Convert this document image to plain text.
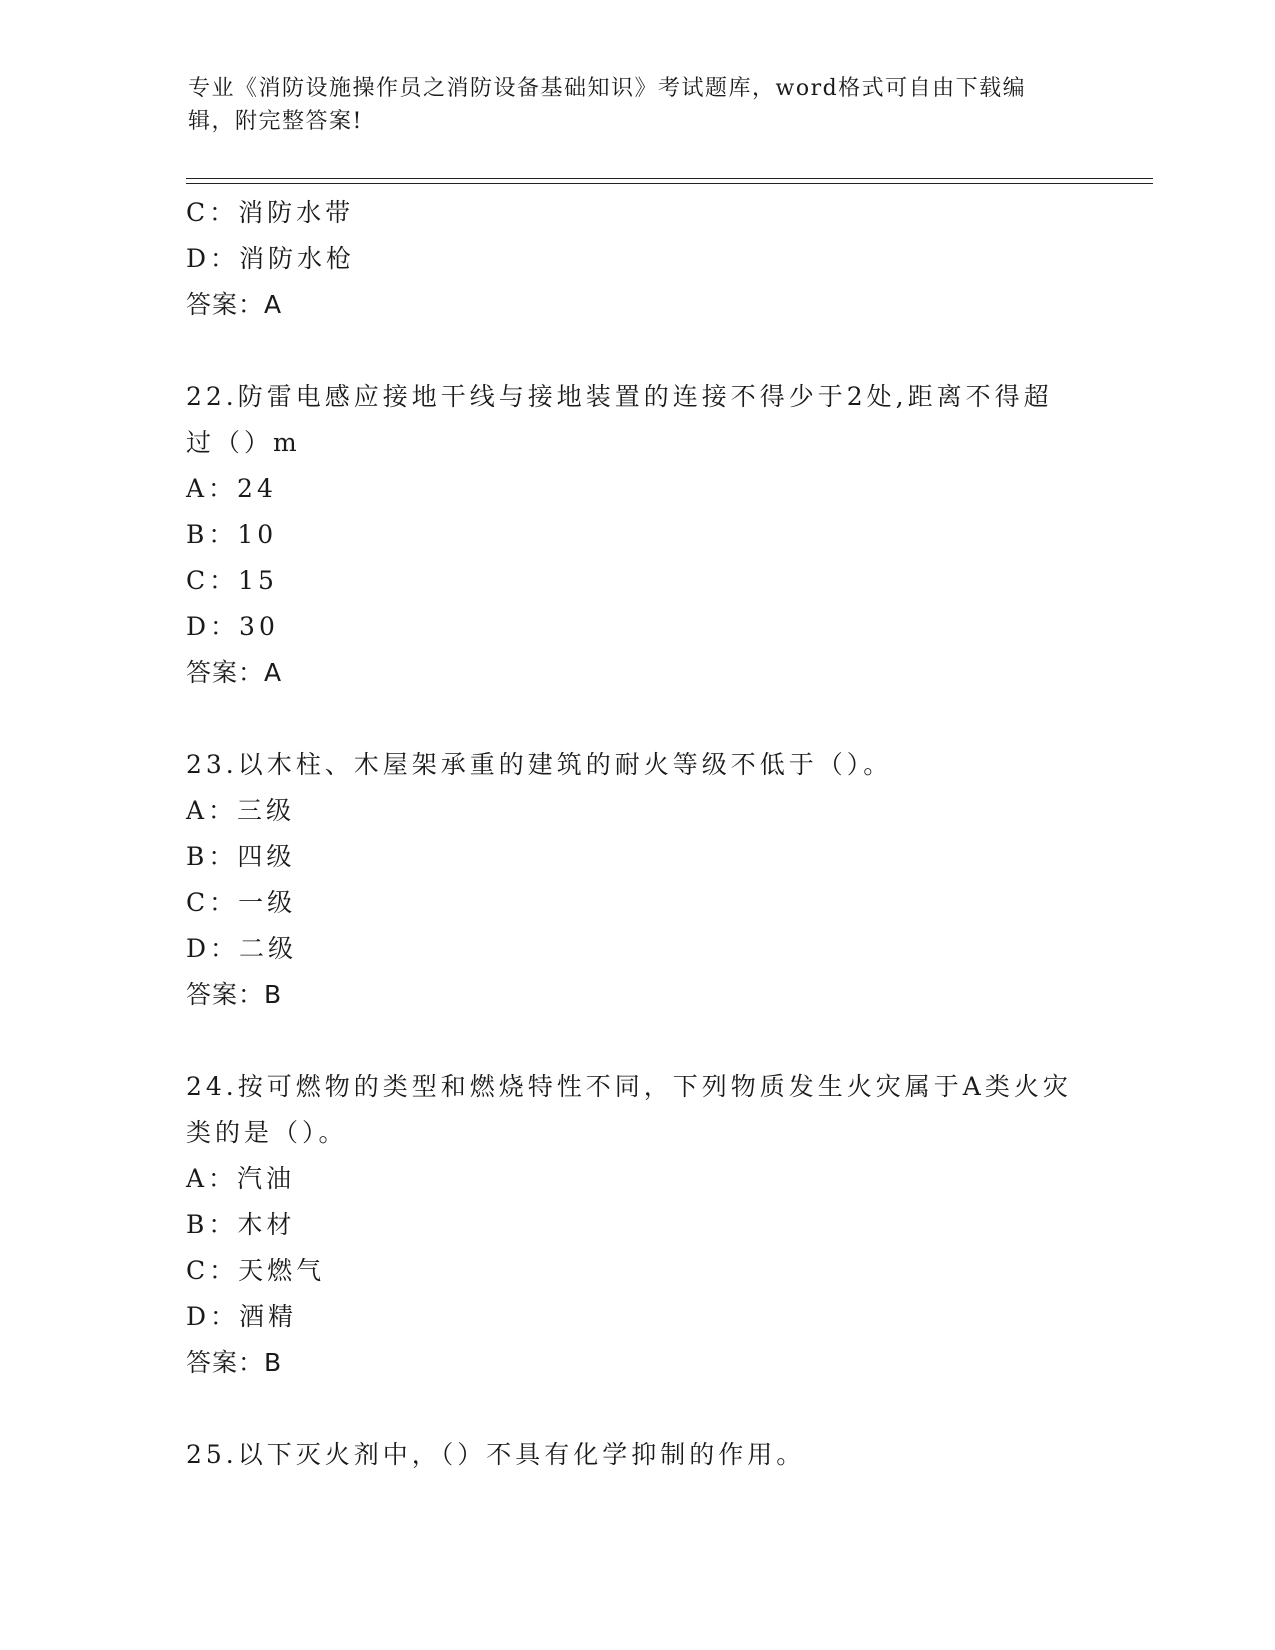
专业《消防设施操作员之消防设备基础知识》考试题库，word格式可自由下载编
辑，附完整答案!
C：消防水带
D：消防水枪
答案：A
22.防雷电感应接地干线与接地装置的连接不得少于2处,距离不得超
过（）m
A：24
B：10
C：15
D：30
答案：A
23.以木柱、木屋架承重的建筑的耐火等级不低于（）。
A：三级
B：四级
C：一级
D：二级
答案：B
24.按可燃物的类型和燃烧特性不同，下列物质发生火灾属于A类火灾
类的是（）。
A：汽油
B：木材
C：天燃气
D：酒精
答案：B
25.以下灭火剂中，（）不具有化学抑制的作用。
